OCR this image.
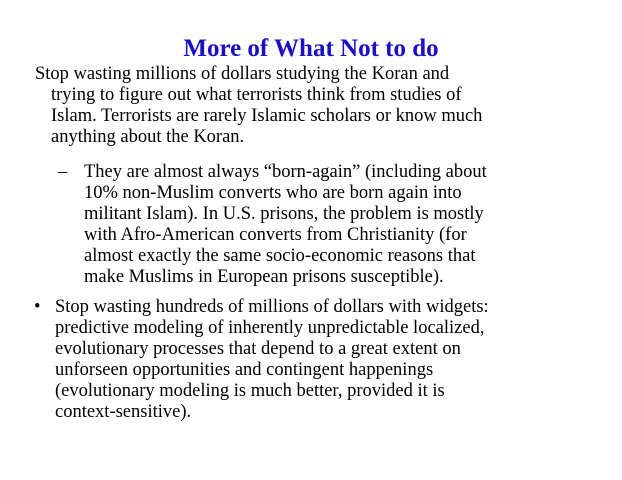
More of What Not to do
Stop wasting millions of dollars studying the Koran and
trying to figure out what terrorists think from studies of
Islam. Terrorists are rarely Islamic scholars or know much
anything about the Koran.
– They are almost always “born-again” (including about
10% non-Muslim converts who are born again into
militant Islam). In U.S. prisons, the problem is mostly
with Afro-American converts from Christianity (for
almost exactly the same socio-economic reasons that
make Muslims in European prisons susceptible).
• Stop wasting hundreds of millions of dollars with widgets:
predictive modeling of inherently unpredictable localized,
evolutionary processes that depend to a great extent on
unforseen opportunities and contingent happenings
(evolutionary modeling is much better, provided it is
context-sensitive).
